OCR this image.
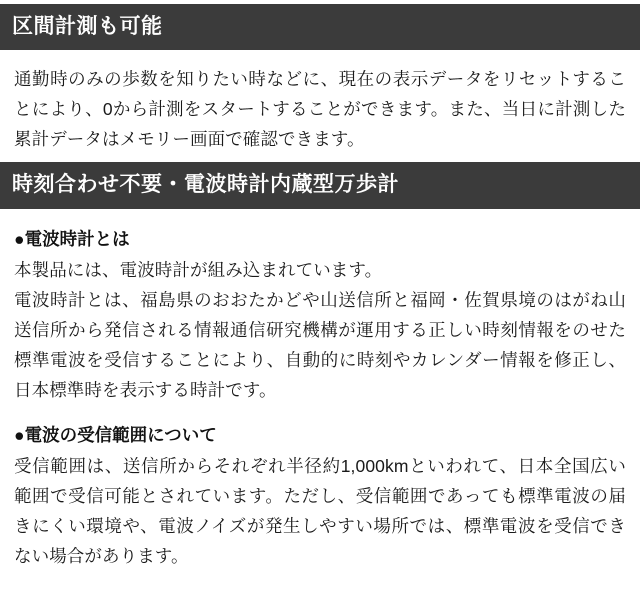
区間計測も可能

通勤時のみの歩数を知りたい時などに、現在の表示データをリセットすることにより、0から計測をスタートすることができます。また、当日に計測した累計データはメモリー画面で確認できます。

時刻合わせ不要・電波時計内蔵型万歩計
●電波時計とは

本製品には、電波時計が組み込まれています。

電波時計とは、福島県のおおたかどや山送信所と福岡・佐賀県境のはがね山送信所から発信される情報通信研究機構が運用する正しい時刻情報をのせた標準電波を受信することにより、自動的に時刻やカレンダー情報を修正し、日本標準時を表示する時計です。

●電波の受信範囲について

受信範囲は、送信所からそれぞれ半径約1,000kmといわれて、日本全国広い範囲で受信可能とされています。ただし、受信範囲であっても標準電波の届きにくい環境や、電波ノイズが発生しやすい場所では、標準電波を受信できない場合があります。
